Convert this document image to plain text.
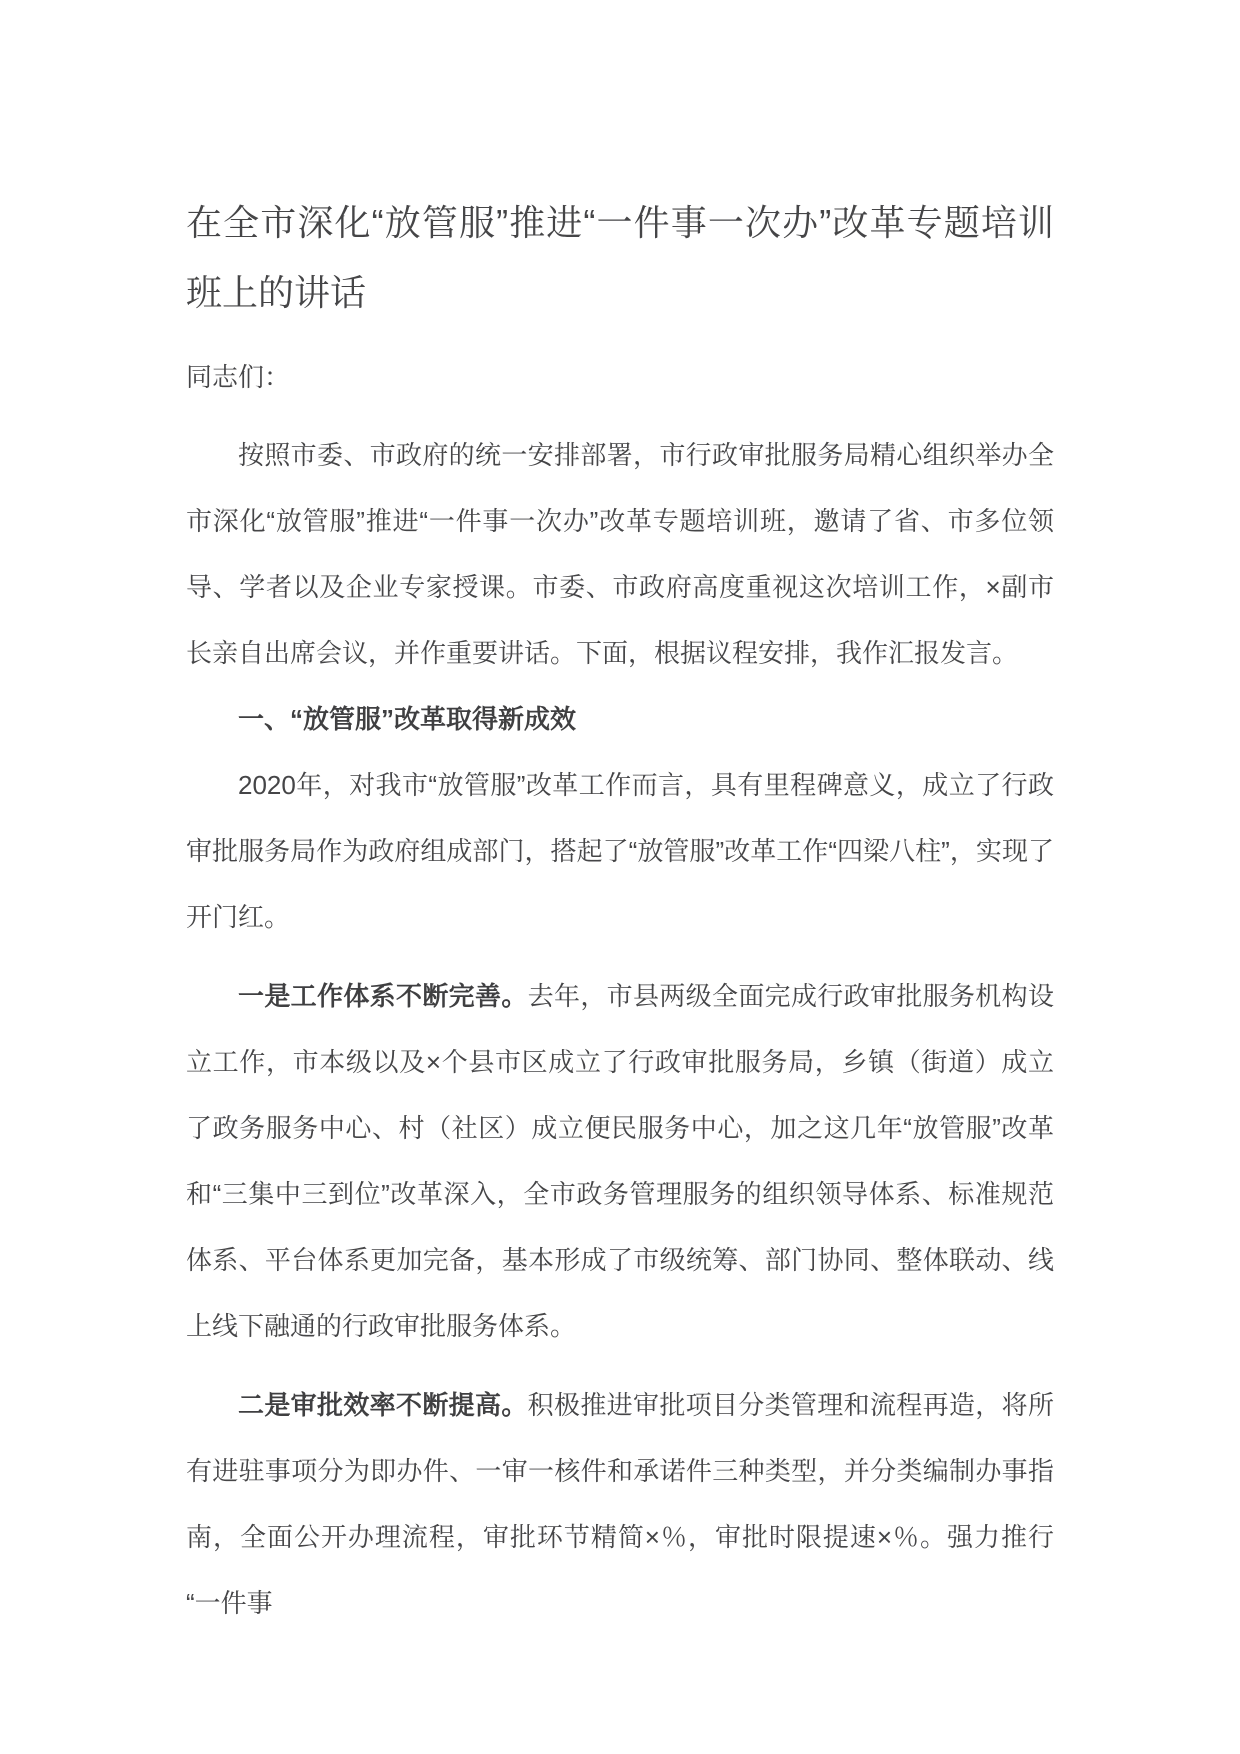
在全市深化“放管服”推进“一件事一次办”改革专题培训班上的讲话

同志们：

按照市委、市政府的统一安排部署，市行政审批服务局精心组织举办全市深化“放管服”推进“一件事一次办”改革专题培训班，邀请了省、市多位领导、学者以及企业专家授课。市委、市政府高度重视这次培训工作，×副市长亲自出席会议，并作重要讲话。下面，根据议程安排，我作汇报发言。

一、“放管服”改革取得新成效

2020年，对我市“放管服”改革工作而言，具有里程碑意义，成立了行政审批服务局作为政府组成部门，搭起了“放管服”改革工作“四梁八柱”，实现了开门红。

一是工作体系不断完善。去年，市县两级全面完成行政审批服务机构设立工作，市本级以及×个县市区成立了行政审批服务局，乡镇（街道）成立了政务服务中心、村（社区）成立便民服务中心，加之这几年“放管服”改革和“三集中三到位”改革深入，全市政务管理服务的组织领导体系、标准规范体系、平台体系更加完备，基本形成了市级统筹、部门协同、整体联动、线上线下融通的行政审批服务体系。

二是审批效率不断提高。积极推进审批项目分类管理和流程再造，将所有进驻事项分为即办件、一审一核件和承诺件三种类型，并分类编制办事指南，全面公开办理流程，审批环节精简×％，审批时限提速×％。强力推行“一件事
